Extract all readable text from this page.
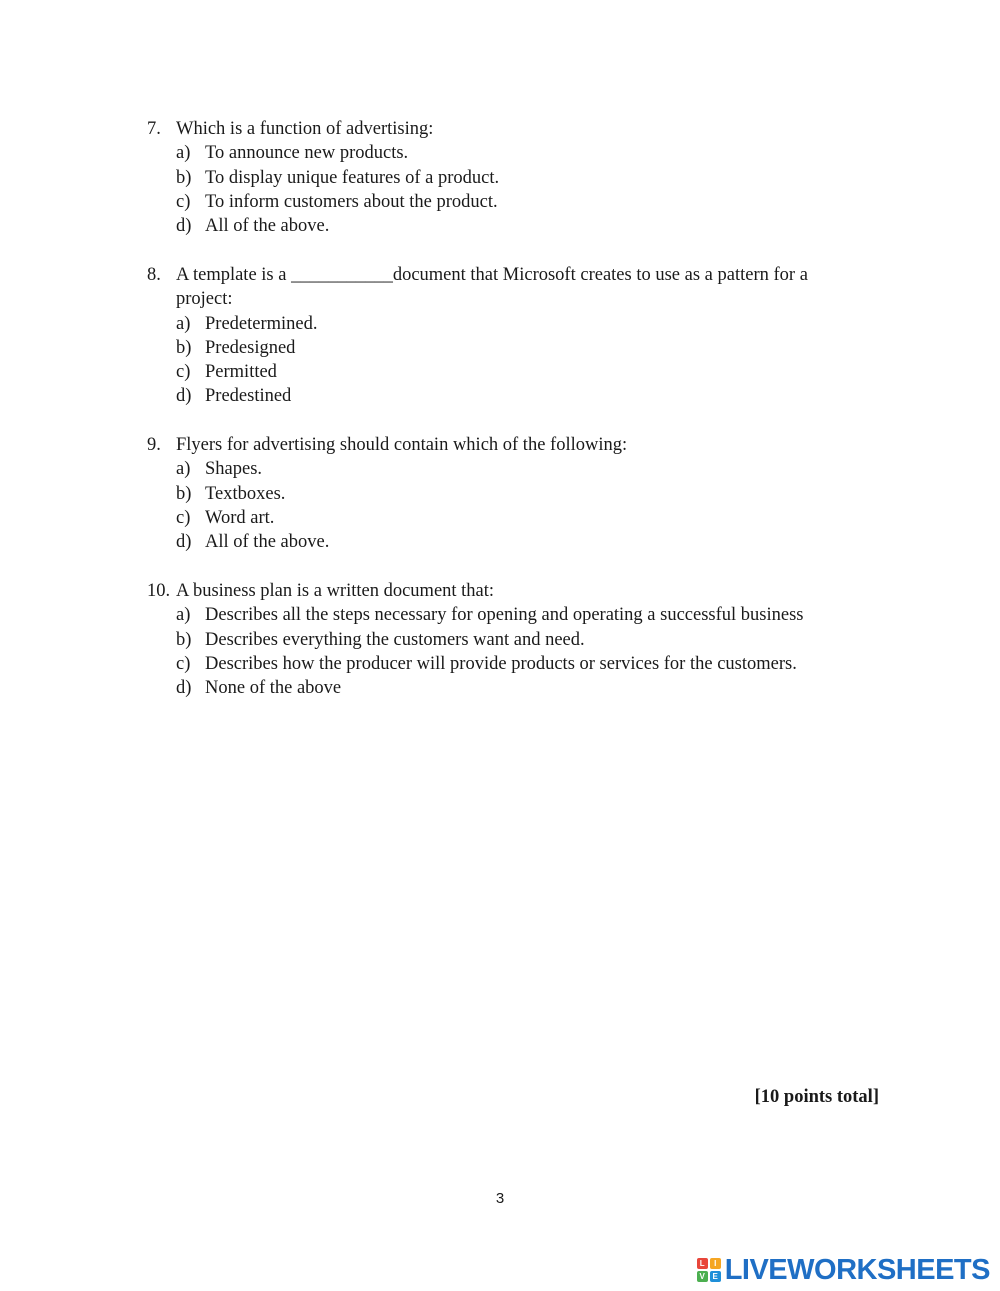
7. Which is a function of advertising:
a) To announce new products.
b) To display unique features of a product.
c) To inform customers about the product.
d) All of the above.
8. A template is a ___________document that Microsoft creates to use as a pattern for a
project:
a) Predetermined.
b) Predesigned
c) Permitted
d) Predestined
9. Flyers for advertising should contain which of the following:
a) Shapes.
b) Textboxes.
c) Word art.
d) All of the above.
10. A business plan is a written document that:
a) Describes all the steps necessary for opening and operating a successful business
b) Describes everything the customers want and need.
c) Describes how the producer will provide products or services for the customers.
d) None of the above
[10 points total]
3
L	I
V E LIVEWORKSHEETS
